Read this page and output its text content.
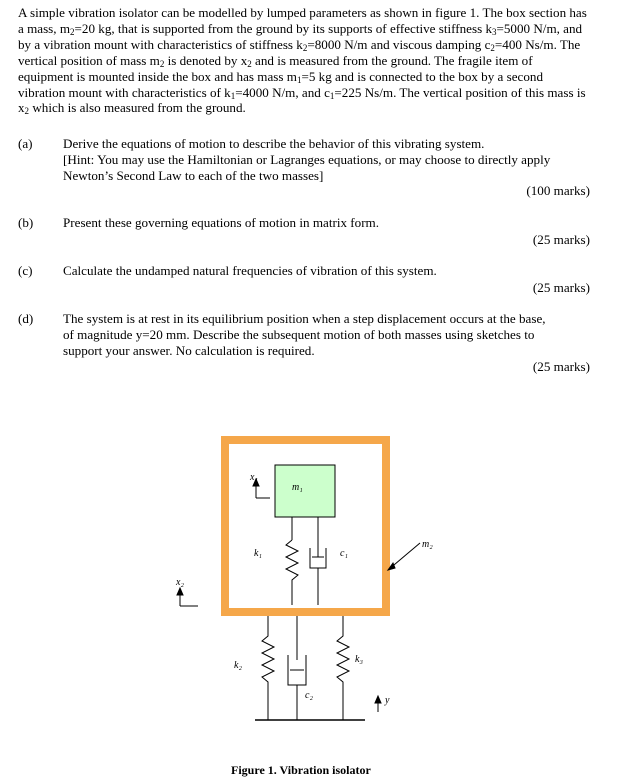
A simple vibration isolator can be modelled by lumped parameters as shown in figure 1. The box section has a mass, $m_2=20$ kg, that is supported from the ground by its supports of effective stiffness $k_3=5000$ N/m, and by a vibration mount with characteristics of stiffness $k_2=8000$ N/m and viscous damping $c_2=400$ Ns/m. The vertical position of mass $m_2$ is denoted by $x_2$ and is measured from the ground. The fragile item of equipment is mounted inside the box and has mass $m_1=5$ kg and is connected to the box by a second vibration mount with characteristics of $k_1=4000$ N/m, and $c_1=225$ Ns/m. The vertical position of this mass is $x_2$ which is also measured from the ground.

(a)	Derive the equations of motion to describe the behavior of this vibrating system.

[Hint: You may use the Hamiltonian or Lagranges equations, or may choose to directly apply

Newton’s Second Law to each of the two masses]

(100 marks)
(b)	Present these governing equations of motion in matrix form.

(25 marks)
(c)	Calculate the undamped natural frequencies of vibration of this system.

(25 marks)
(d)	The system is at rest in its equilibrium position when a step displacement occurs at the base,

of magnitude y=20 mm. Describe the subsequent motion of both masses using sketches to

support your answer. No calculation is required.

(25 marks)
x₁
m₁
k₁	c₁
m₂
x₂
k₂
k₃
c₂	y
Figure 1. Vibration isolator
